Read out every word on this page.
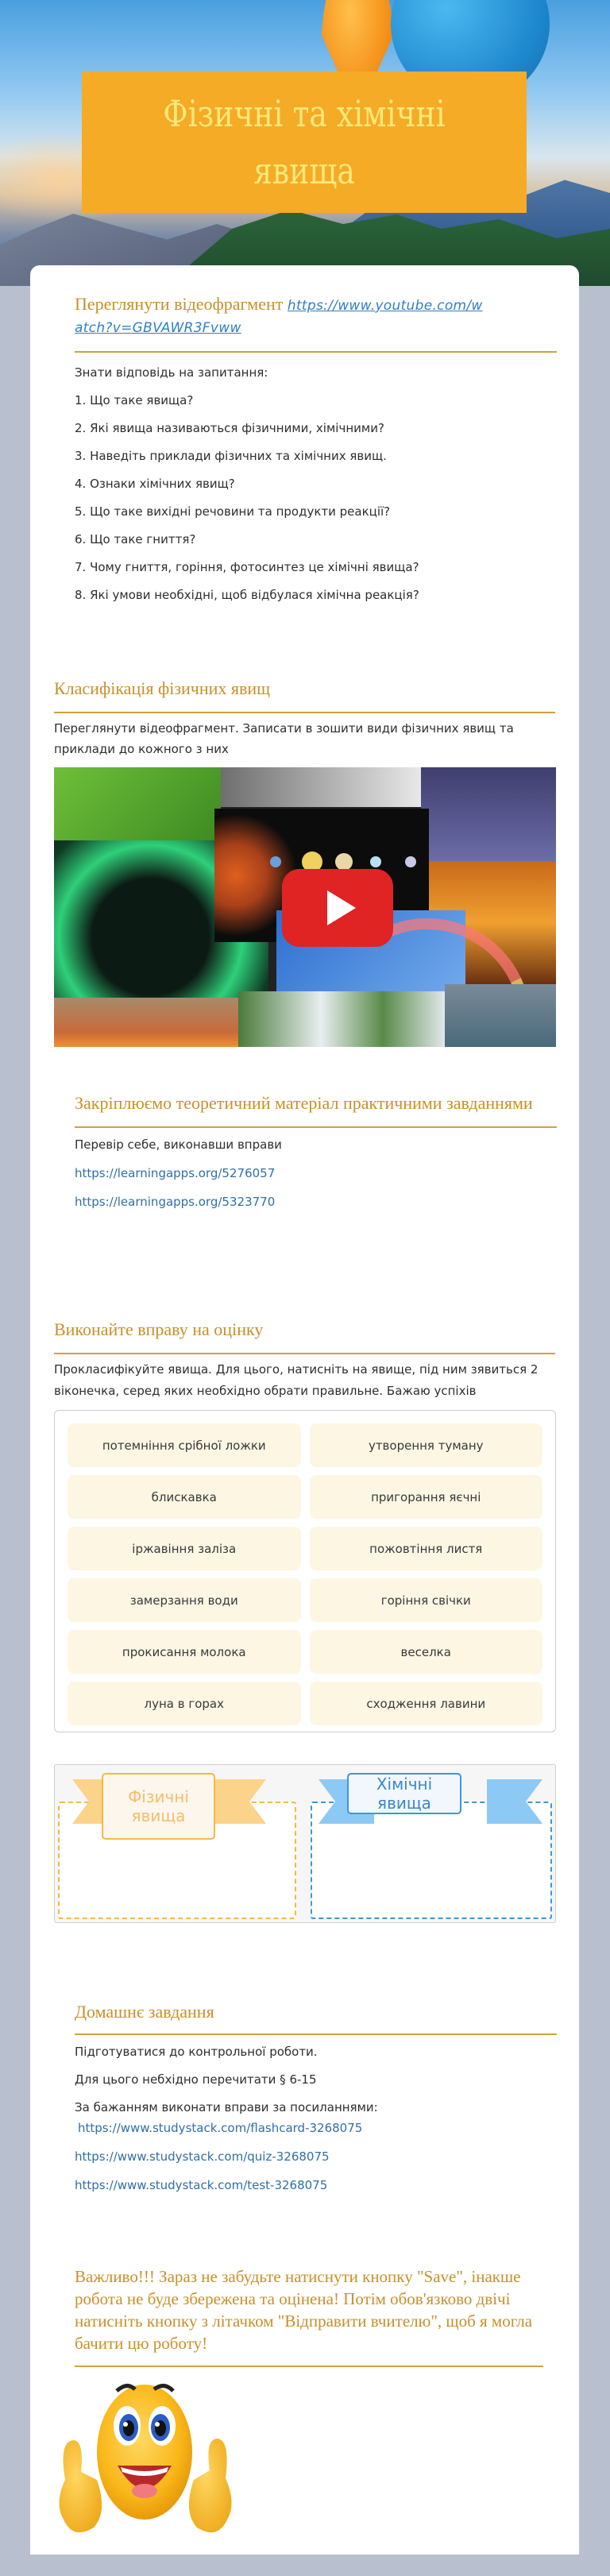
Фізичні та хімічні явища
Переглянути відеофрагмент https://www.youtube.com/watch?v=GBVAWR3Fvww
Знати відповідь на запитання:
1. Що таке явища?
2. Які явища називаються фізичними, хімічними?
3. Наведіть приклади фізичних та хімічних явищ.
4. Ознаки хімічних явищ?
5. Що таке вихідні речовини та продукти реакції?
6. Що таке гниття?
7. Чому гниття, горіння, фотосинтез це хімічні явища?
8. Які умови необхідні, щоб відбулася хімічна реакція?
Класифікація фізичних явищ
Переглянути відеофрагмент. Записати в зошити види фізичних явищ та приклади до кожного з них
Закріплюємо теоретичний матеріал практичними завданнями
Перевір себе, виконавши вправи
https://learningapps.org/5276057
https://learningapps.org/5323770
Виконайте вправу на оцінку
Прокласифікуйте явища. Для цього, натисніть на явище, під ним зявиться 2 віконечка, серед яких необхідно обрати правильне. Бажаю успіхів
потемніння срібної ложки	утворення туману
блискавка	пригорання яєчні
іржавіння заліза	пожовтіння листя
замерзання води	горіння свічки
прокисання молока	веселка
луна в горах	сходження лавини
Фізичні явища
Хімічні явища
Домашнє завдання
Підготуватися до контрольної роботи.
Для цього небхідно перечитати § 6-15
За бажанням виконати вправи за посиланнями:
https://www.studystack.com/flashcard-3268075
https://www.studystack.com/quiz-3268075
https://www.studystack.com/test-3268075
Важливо!!! Зараз не забудьте натиснути кнопку "Save", інакше робота не буде збережена та оцінена! Потім обов'язково двічі натисніть кнопку з літачком "Відправити вчителю", щоб я могла бачити цю роботу!
